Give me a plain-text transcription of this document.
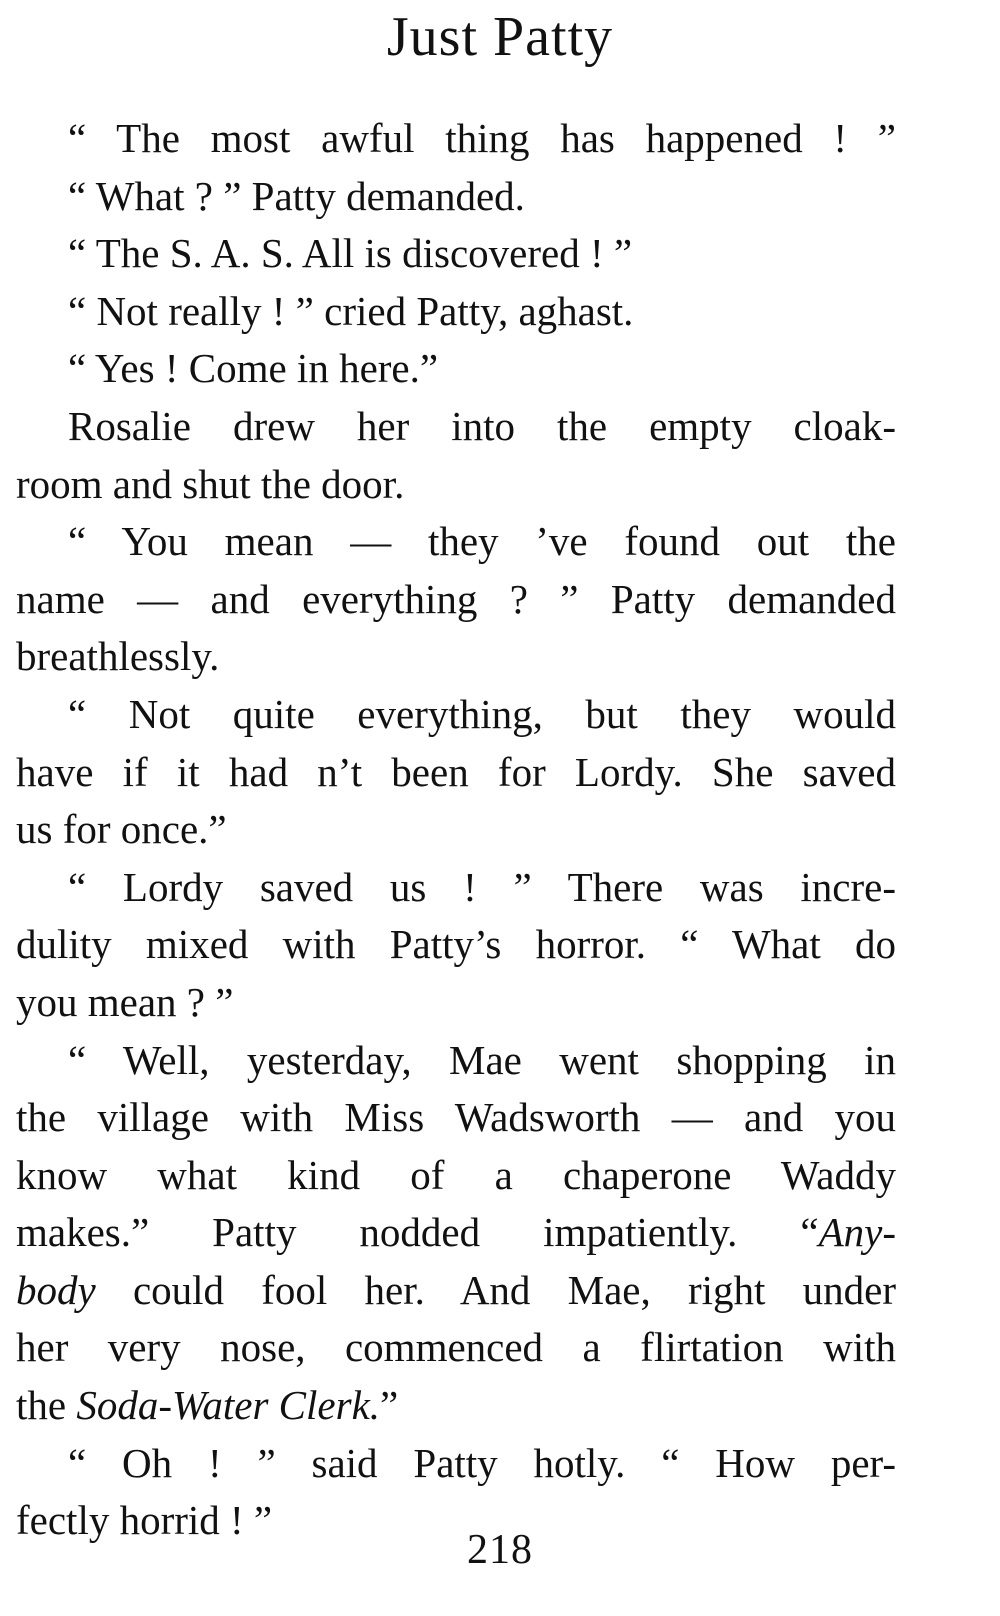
Just Patty
“ The most awful thing has happened ! ”
“ What ? ” Patty demanded.
“ The S. A. S. All is discovered ! ”
“ Not really ! ” cried Patty, aghast.
“ Yes ! Come in here.”
Rosalie drew her into the empty cloak-
room and shut the door.
“ You mean — they ’ve found out the
name — and everything ? ” Patty demanded
breathlessly.
“ Not quite everything, but they would
have if it had n’t been for Lordy. She saved
us for once.”
“ Lordy saved us ! ” There was incre-
dulity mixed with Patty’s horror. “ What do
you mean ? ”
“ Well, yesterday, Mae went shopping in
the village with Miss Wadsworth — and you
know what kind of a chaperone Waddy
makes.” Patty nodded impatiently. “Any-
body could fool her. And Mae, right under
her very nose, commenced a flirtation with
the Soda-Water Clerk.”
“ Oh ! ” said Patty hotly. “ How per-
fectly horrid ! ”
218
